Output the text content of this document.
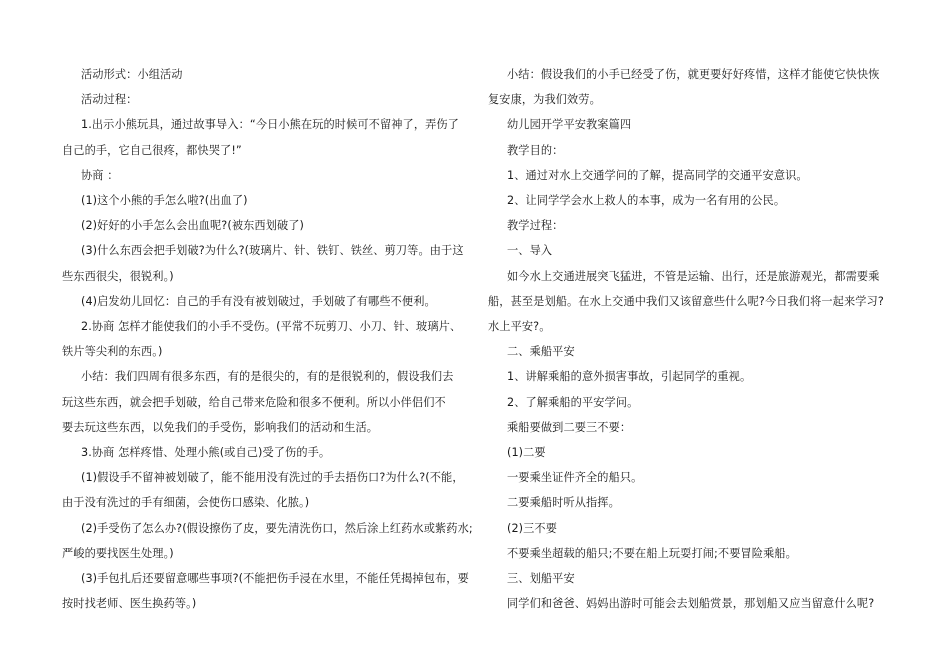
活动形式：小组活动

活动过程：

1.出示小熊玩具，通过故事导入：“今日小熊在玩的时候可不留神了，弄伤了

自己的手，它自己很疼，都快哭了!”

协商 ：

(1)这个小熊的手怎么啦?(出血了)

(2)好好的小手怎么会出血呢?(被东西划破了)

(3)什么东西会把手划破?为什么?(玻璃片、针、铁钉、铁丝、剪刀等。由于这

些东西很尖，很锐利。)

(4)启发幼儿回忆：自己的手有没有被划破过，手划破了有哪些不便利。

2.协商 怎样才能使我们的小手不受伤。(平常不玩剪刀、小刀、针、玻璃片、

铁片等尖利的东西。)

小结：我们四周有很多东西，有的是很尖的，有的是很锐利的，假设我们去

玩这些东西，就会把手划破，给自己带来危险和很多不便利。所以小伴侣们不

要去玩这些东西，以免我们的手受伤，影响我们的活动和生活。

3.协商 怎样疼惜、处理小熊(或自己)受了伤的手。

(1)假设手不留神被划破了，能不能用没有洗过的手去捂伤口?为什么?(不能，

由于没有洗过的手有细菌，会使伤口感染、化脓。)

(2)手受伤了怎么办?(假设擦伤了皮，要先清洗伤口，然后涂上红药水或紫药水;

严峻的要找医生处理。)

(3)手包扎后还要留意哪些事项?(不能把伤手浸在水里，不能任凭揭掉包布，要

按时找老师、医生换药等。)

小结：假设我们的小手已经受了伤，就更要好好疼惜，这样才能使它快快恢

复安康，为我们效劳。

幼儿园开学平安教案篇四

教学目的：

1、通过对水上交通学问的了解，提高同学的交通平安意识。

2、让同学学会水上救人的本事，成为一名有用的公民。

教学过程：

一、导入

如今水上交通进展突飞猛进，不管是运输、出行，还是旅游观光，都需要乘

船，甚至是划船。在水上交通中我们又该留意些什么呢?今日我们将一起来学习?

水上平安?。

二、乘船平安

1、讲解乘船的意外损害事故，引起同学的重视。

2、了解乘船的平安学问。

乘船要做到二要三不要：

(1)二要

一要乘坐证件齐全的船只。

二要乘船时听从指挥。

(2)三不要

不要乘坐超载的船只;不要在船上玩耍打闹;不要冒险乘船。

三、划船平安

同学们和爸爸、妈妈出游时可能会去划船赏景，那划船又应当留意什么呢?
